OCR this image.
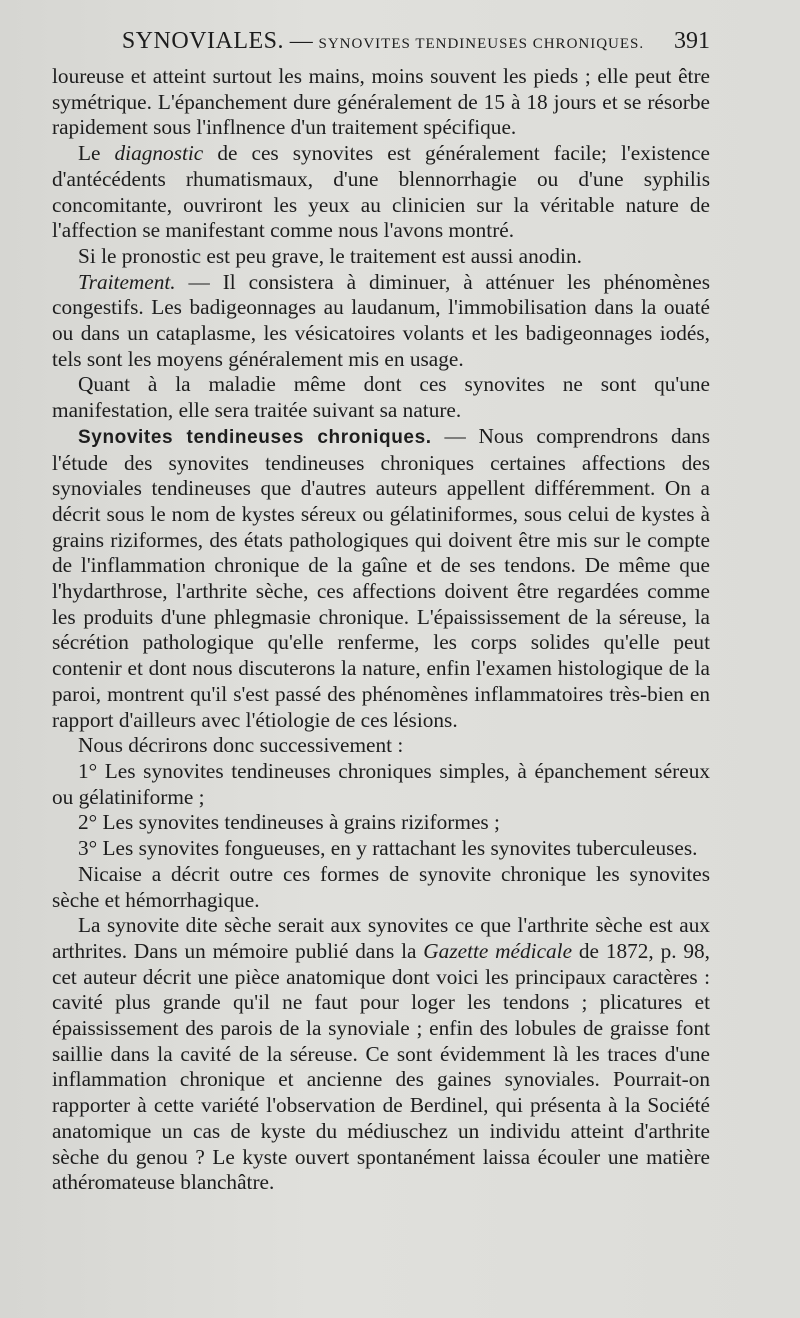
SYNOVIALES. — SYNOVITES TENDINEUSES CHRONIQUES.	391

loureuse et atteint surtout les mains, moins souvent les pieds ; elle peut être symétrique. L'épanchement dure généralement de 15 à 18 jours et se résorbe rapidement sous l'inflnence d'un traitement spécifique.

Le diagnostic de ces synovites est généralement facile; l'existence d'antécédents rhumatismaux, d'une blennorrhagie ou d'une syphilis concomitante, ouvriront les yeux au clinicien sur la véritable nature de l'affection se manifestant comme nous l'avons montré.

Si le pronostic est peu grave, le traitement est aussi anodin.

Traitement. — Il consistera à diminuer, à atténuer les phénomènes congestifs. Les badigeonnages au laudanum, l'immobilisation dans la ouaté ou dans un cataplasme, les vésicatoires volants et les badigeonnages iodés, tels sont les moyens généralement mis en usage.

Quant à la maladie même dont ces synovites ne sont qu'une manifestation, elle sera traitée suivant sa nature.

Synovites tendineuses chroniques. — Nous comprendrons dans l'étude des synovites tendineuses chroniques certaines affections des synoviales tendineuses que d'autres auteurs appellent différemment. On a décrit sous le nom de kystes séreux ou gélatiniformes, sous celui de kystes à grains riziformes, des états pathologiques qui doivent être mis sur le compte de l'inflammation chronique de la gaîne et de ses tendons. De même que l'hydarthrose, l'arthrite sèche, ces affections doivent être regardées comme les produits d'une phlegmasie chronique. L'épaississement de la séreuse, la sécrétion pathologique qu'elle renferme, les corps solides qu'elle peut contenir et dont nous discuterons la nature, enfin l'examen histologique de la paroi, montrent qu'il s'est passé des phénomènes inflammatoires très-bien en rapport d'ailleurs avec l'étiologie de ces lésions.

Nous décrirons donc successivement :

1° Les synovites tendineuses chroniques simples, à épanchement séreux ou gélatiniforme ;

2° Les synovites tendineuses à grains riziformes ;

3° Les synovites fongueuses, en y rattachant les synovites tuberculeuses.

Nicaise a décrit outre ces formes de synovite chronique les synovites sèche et hémorrhagique.

La synovite dite sèche serait aux synovites ce que l'arthrite sèche est aux arthrites. Dans un mémoire publié dans la Gazette médicale de 1872, p. 98, cet auteur décrit une pièce anatomique dont voici les principaux caractères : cavité plus grande qu'il ne faut pour loger les tendons ; plicatures et épaississement des parois de la synoviale ; enfin des lobules de graisse font saillie dans la cavité de la séreuse. Ce sont évidemment là les traces d'une inflammation chronique et ancienne des gaines synoviales. Pourrait-on rapporter à cette variété l'observation de Berdinel, qui présenta à la Société anatomique un cas de kyste du médiuschez un individu atteint d'arthrite sèche du genou ? Le kyste ouvert spontanément laissa écouler une matière athéromateuse blanchâtre.
